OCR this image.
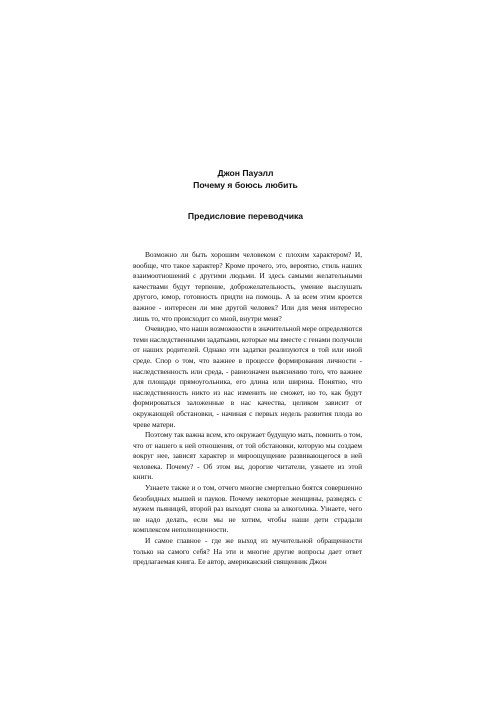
Джон Пауэлл
Почему я боюсь любить
Предисловие переводчика

Возможно ли быть хорошим человеком с плохим характером? И, вообще, что такое характер? Кроме прочего, это, вероятно, стиль наших взаимоотношений с другими людьми. И здесь самыми желательными качествами будут терпение, доброжелательность, умение выслушать другого, юмор, готовность придти на помощь. А за всем этим кроется важное - интересен ли мне другой человек? Или для меня интересно лишь то, что происходит со мной, внутри меня?

Очевидно, что наши возможности в значительной мере определяются теми наследственными задатками, которые мы вместе с генами получили от наших родителей. Однако эти задатки реализуются в той или иной среде. Спор о том, что важнее в процессе формирования личности - наследственность или среда, - равнозначен выяснению того, что важнее для площади прямоугольника, его длина или ширина. Понятно, что наследственность никто из нас изменить не сможет, но то, как будут формироваться заложенные в нас качества, целиком зависит от окружающей обстановки, - начиная с первых недель развития плода во чреве матери.

Поэтому так важна всем, кто окружает будущую мать, помнить о том, что от нашего к ней отношения, от той обстановки, которую мы создаем вокруг нее, зависят характер и мироощущение развивающегося в ней человека. Почему? - Об этом вы, дорогие читатели, узнаете из этой книги.

Узнаете также и о том, отчего многие смертельно боятся совершенно безобидных мышей и пауков. Почему некоторые женщины, разведясь с мужем пьяницей, второй раз выходят снова за алкоголика. Узнаете, чего не надо делать, если мы не хотим, чтобы наши дети страдали комплексом неполноценности.

И самое главное - где же выход из мучительной обращенности только на самого себя? На эти и многие другие вопросы дает ответ предлагаемая книга. Ее автор, американский священник Джон
